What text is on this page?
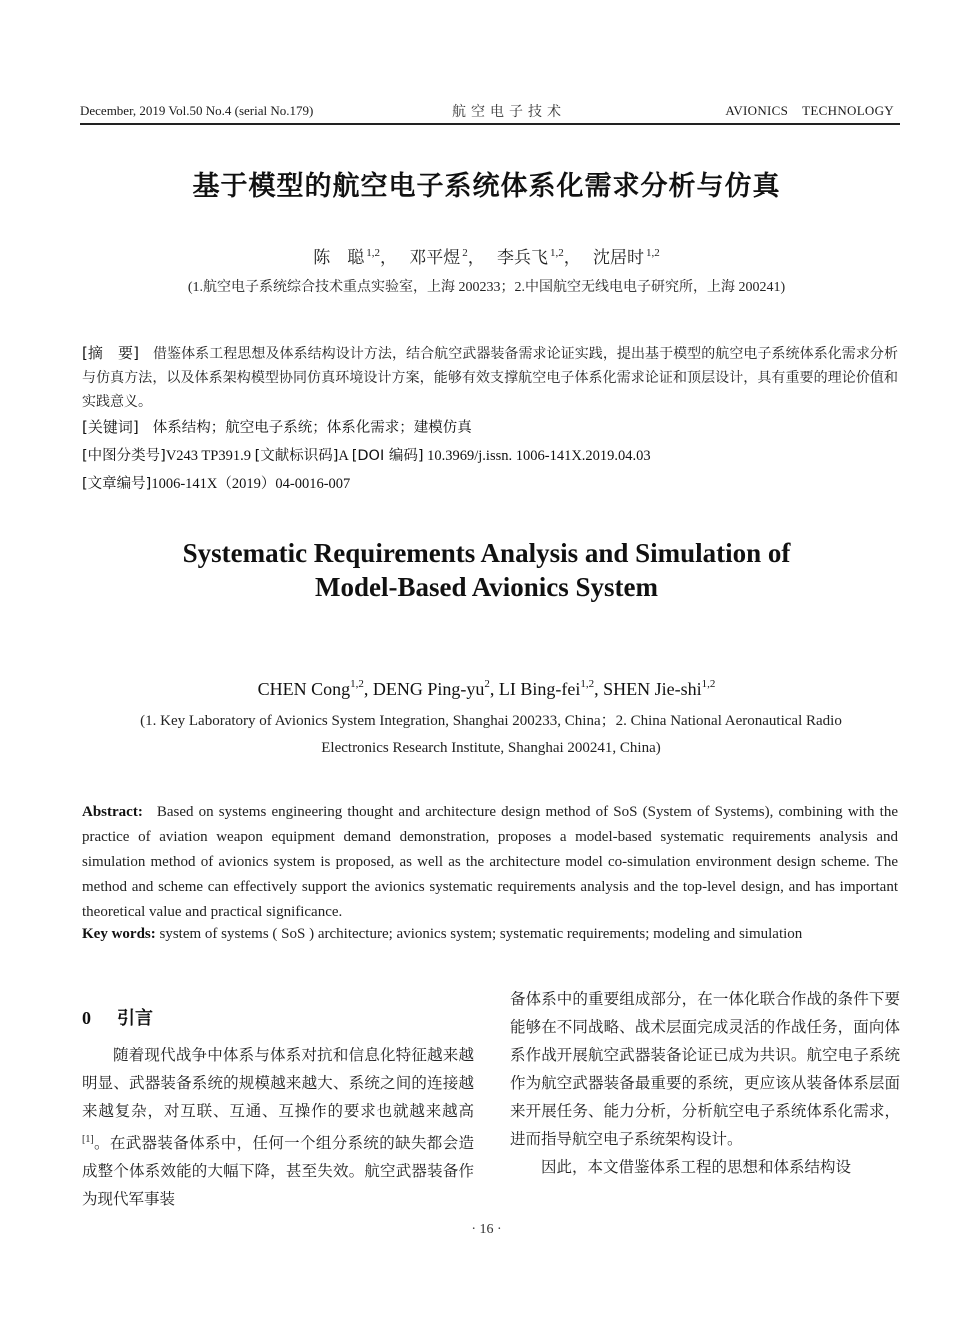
December, 2019 Vol.50 No.4 (serial No.179)	航空电子技术	AVIONICS TECHNOLOGY
基于模型的航空电子系统体系化需求分析与仿真
陈　聪 $^{1,2}$， 邓平煜 $^2$， 李兵飞 $^{1,2}$， 沈居时 $^{1,2}$
(1.航空电子系统综合技术重点实验室，上海 200233；2.中国航空无线电电子研究所，上海 200241)
[摘　要] 借鉴体系工程思想及体系结构设计方法，结合航空武器装备需求论证实践，提出基于模型的航空电子系统体系化需求分析与仿真方法，以及体系架构模型协同仿真环境设计方案，能够有效支撑航空电子体系化需求论证和顶层设计，具有重要的理论价值和实践意义。
[关键词] 体系结构；航空电子系统；体系化需求；建模仿真
[中图分类号]V243 TP391.9 [文献标识码]A [DOI 编码] 10.3969/j.issn. 1006-141X.2019.04.03
[文章编号]1006-141X（2019）04-0016-007
Systematic Requirements Analysis and Simulation of
Model-Based Avionics System
CHEN Cong$^{1,2}$, DENG Ping-$yu^2$, LI Bing-fei$^{1,2}$, SHEN Jie-shi$^{1,2}$
(1. Key Laboratory of Avionics System Integration, Shanghai 200233, China；2. China National Aeronautical Radio
Electronics Research Institute, Shanghai 200241, China)
Abstract: Based on systems engineering thought and architecture design method of SoS (System of Systems), combining with the practice of aviation weapon equipment demand demonstration, proposes a model-based systematic requirements analysis and simulation method of avionics system is proposed, as well as the architecture model co-simulation environment design scheme. The method and scheme can effectively support the avionics systematic requirements analysis and the top-level design, and has important theoretical value and practical significance.
Key words: system of systems ( SoS ) architecture; avionics system; systematic requirements; modeling and simulation
0 引言

随着现代战争中体系与体系对抗和信息化特征越来越明显、武器装备系统的规模越来越大、系统之间的连接越来越复杂，对互联、互通、互操作的要求也就越来越高[1]。在武器装备体系中，任何一个组分系统的缺失都会造成整个体系效能的大幅下降，甚至失效。航空武器装备作为现代军事装

备体系中的重要组成部分，在一体化联合作战的条件下要能够在不同战略、战术层面完成灵活的作战任务，面向体系作战开展航空武器装备论证已成为共识。航空电子系统作为航空武器装备最重要的系统，更应该从装备体系层面来开展任务、能力分析，分析航空电子系统体系化需求，进而指导航空电子系统架构设计。

因此，本文借鉴体系工程的思想和体系结构设

· 16 ·
